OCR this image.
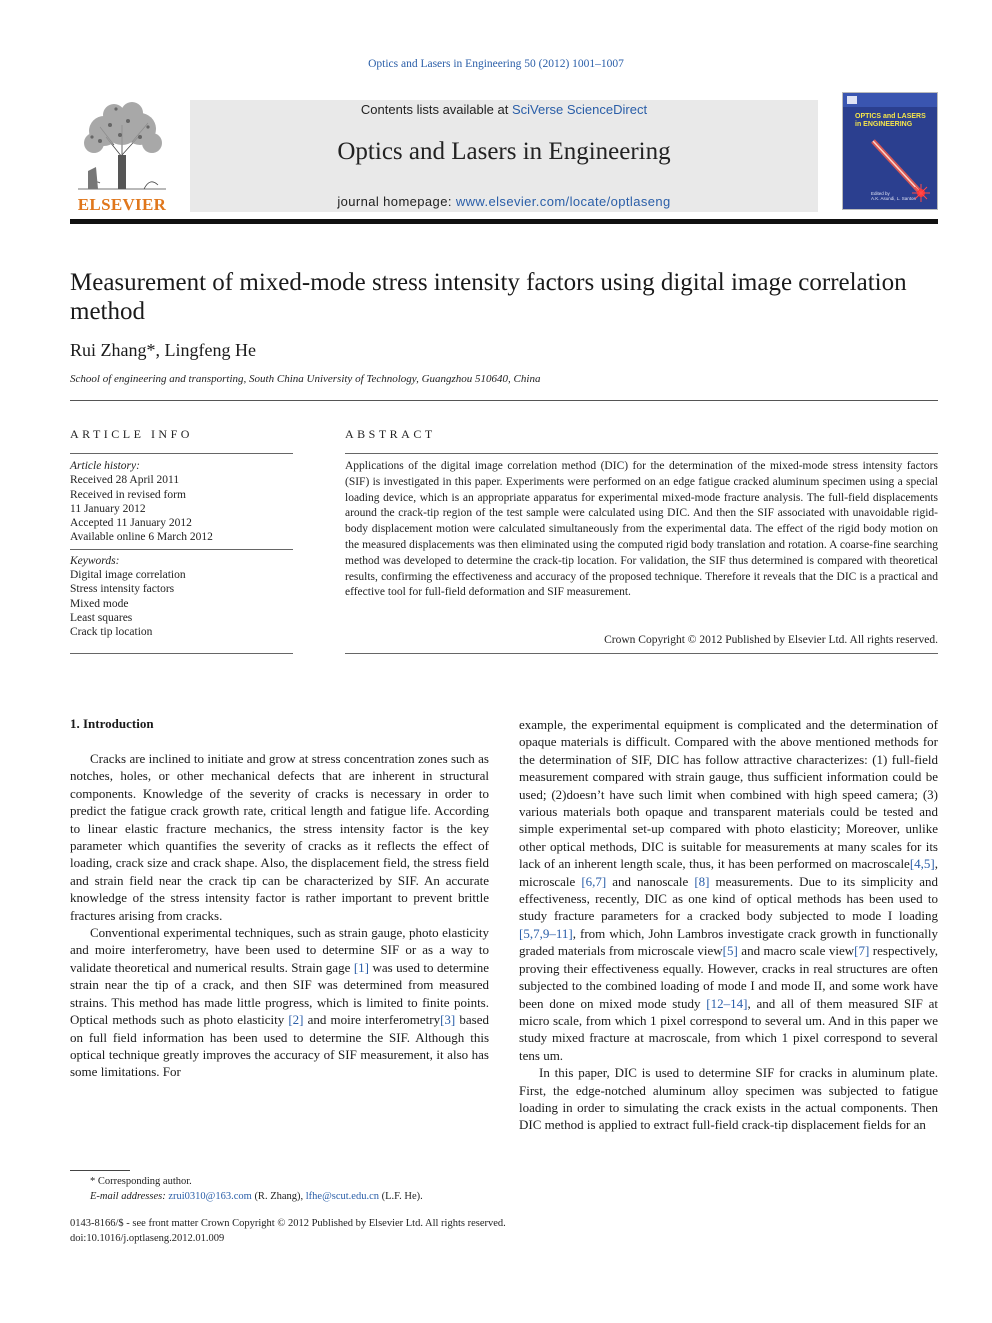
Optics and Lasers in Engineering 50 (2012) 1001–1007
ELSEVIER
Contents lists available at SciVerse ScienceDirect
Optics and Lasers in Engineering
journal homepage: www.elsevier.com/locate/optlaseng
OPTICS and LASERS
in ENGINEERING
Edited by
A.K. Asundi, L. Santos
Measurement of mixed-mode stress intensity factors using digital image correlation method
Rui Zhang*, Lingfeng He
School of engineering and transporting, South China University of Technology, Guangzhou 510640, China
ARTICLE INFO	ABSTRACT
Article history:
Received 28 April 2011
Received in revised form
11 January 2012
Accepted 11 January 2012
Available online 6 March 2012
Keywords:
Digital image correlation
Stress intensity factors
Mixed mode
Least squares
Crack tip location
Applications of the digital image correlation method (DIC) for the determination of the mixed-mode stress intensity factors (SIF) is investigated in this paper. Experiments were performed on an edge fatigue cracked aluminum specimen using a special loading device, which is an appropriate apparatus for experimental mixed-mode fracture analysis. The full-field displacements around the crack-tip region of the test sample were calculated using DIC. And then the SIF associated with unavoidable rigid-body displacement motion were calculated simultaneously from the experimental data. The effect of the rigid body motion on the measured displacements was then eliminated using the computed rigid body translation and rotation. A coarse-fine searching method was developed to determine the crack-tip location. For validation, the SIF thus determined is compared with theoretical results, confirming the effectiveness and accuracy of the proposed technique. Therefore it reveals that the DIC is a practical and effective tool for full-field deformation and SIF measurement.
Crown Copyright © 2012 Published by Elsevier Ltd. All rights reserved.
1. Introduction

Cracks are inclined to initiate and grow at stress concentration zones such as notches, holes, or other mechanical defects that are inherent in structural components. Knowledge of the severity of cracks is necessary in order to predict the fatigue crack growth rate, critical length and fatigue life. According to linear elastic fracture mechanics, the stress intensity factor is the key parameter which quantifies the severity of cracks as it reflects the effect of loading, crack size and crack shape. Also, the displacement field, the stress field and strain field near the crack tip can be characterized by SIF. An accurate knowledge of the stress intensity factor is rather important to prevent brittle fractures arising from cracks.

Conventional experimental techniques, such as strain gauge, photo elasticity and moire interferometry, have been used to determine SIF or as a way to validate theoretical and numerical results. Strain gage [1] was used to determine strain near the tip of a crack, and then SIF was determined from measured strains. This method has made little progress, which is limited to finite points. Optical methods such as photo elasticity [2] and moire interferometry[3] based on full field information has been used to determine the SIF. Although this optical technique greatly improves the accuracy of SIF measurement, it also has some limitations. For

example, the experimental equipment is complicated and the determination of opaque materials is difficult. Compared with the above mentioned methods for the determination of SIF, DIC has follow attractive characterizes: (1) full-field measurement compared with strain gauge, thus sufficient information could be used; (2)doesn’t have such limit when combined with high speed camera; (3) various materials both opaque and transparent materials could be tested and simple experimental set-up compared with photo elasticity; Moreover, unlike other optical methods, DIC is suitable for measurements at many scales for its lack of an inherent length scale, thus, it has been performed on macroscale[4,5], microscale [6,7] and nanoscale [8] measurements. Due to its simplicity and effectiveness, recently, DIC as one kind of optical methods has been used to study fracture parameters for a cracked body subjected to mode I loading [5,7,9–11], from which, John Lambros investigate crack growth in functionally graded materials from microscale view[5] and macro scale view[7] respectively, proving their effectiveness equally. However, cracks in real structures are often subjected to the combined loading of mode I and mode II, and some work have been done on mixed mode study [12–14], and all of them measured SIF at micro scale, from which 1 pixel correspond to several um. And in this paper we study mixed fracture at macroscale, from which 1 pixel correspond to several tens um.

In this paper, DIC is used to determine SIF for cracks in aluminum plate. First, the edge-notched aluminum alloy specimen was subjected to fatigue loading in order to simulating the crack exists in the actual components. Then DIC method is applied to extract full-field crack-tip displacement fields for an

* Corresponding author.
E-mail addresses: zrui0310@163.com (R. Zhang), lfhe@scut.edu.cn (L.F. He).
0143-8166/$ - see front matter Crown Copyright © 2012 Published by Elsevier Ltd. All rights reserved.
doi:10.1016/j.optlaseng.2012.01.009
